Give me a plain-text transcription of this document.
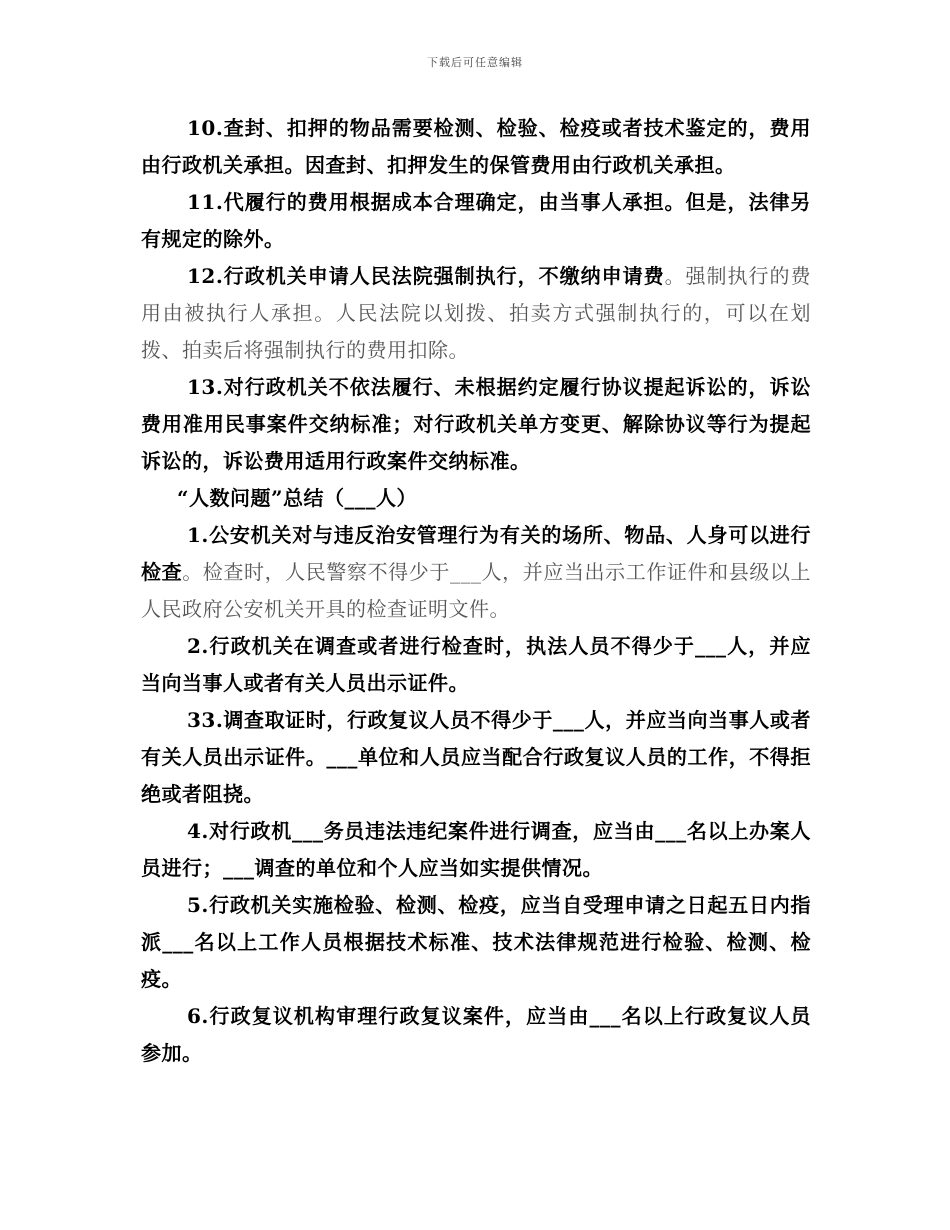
下载后可任意编辑

10.查封、扣押的物品需要检测、检验、检疫或者技术鉴定的，费用由行政机关承担。因查封、扣押发生的保管费用由行政机关承担。

11.代履行的费用根据成本合理确定，由当事人承担。但是，法律另有规定的除外。

12.行政机关申请人民法院强制执行，不缴纳申请费。强制执行的费用由被执行人承担。人民法院以划拨、拍卖方式强制执行的，可以在划拨、拍卖后将强制执行的费用扣除。

13.对行政机关不依法履行、未根据约定履行协议提起诉讼的，诉讼费用准用民事案件交纳标准；对行政机关单方变更、解除协议等行为提起诉讼的，诉讼费用适用行政案件交纳标准。

“人数问题”总结（___人）

1.公安机关对与违反治安管理行为有关的场所、物品、人身可以进行检查。检查时，人民警察不得少于___人，并应当出示工作证件和县级以上人民政府公安机关开具的检查证明文件。

2.行政机关在调查或者进行检查时，执法人员不得少于___人，并应当向当事人或者有关人员出示证件。

33.调查取证时，行政复议人员不得少于___人，并应当向当事人或者有关人员出示证件。___单位和人员应当配合行政复议人员的工作，不得拒绝或者阻挠。

4.对行政机___务员违法违纪案件进行调查，应当由___名以上办案人员进行；___调查的单位和个人应当如实提供情况。

5.行政机关实施检验、检测、检疫，应当自受理申请之日起五日内指派___名以上工作人员根据技术标准、技术法律规范进行检验、检测、检疫。

6.行政复议机构审理行政复议案件，应当由___名以上行政复议人员参加。
